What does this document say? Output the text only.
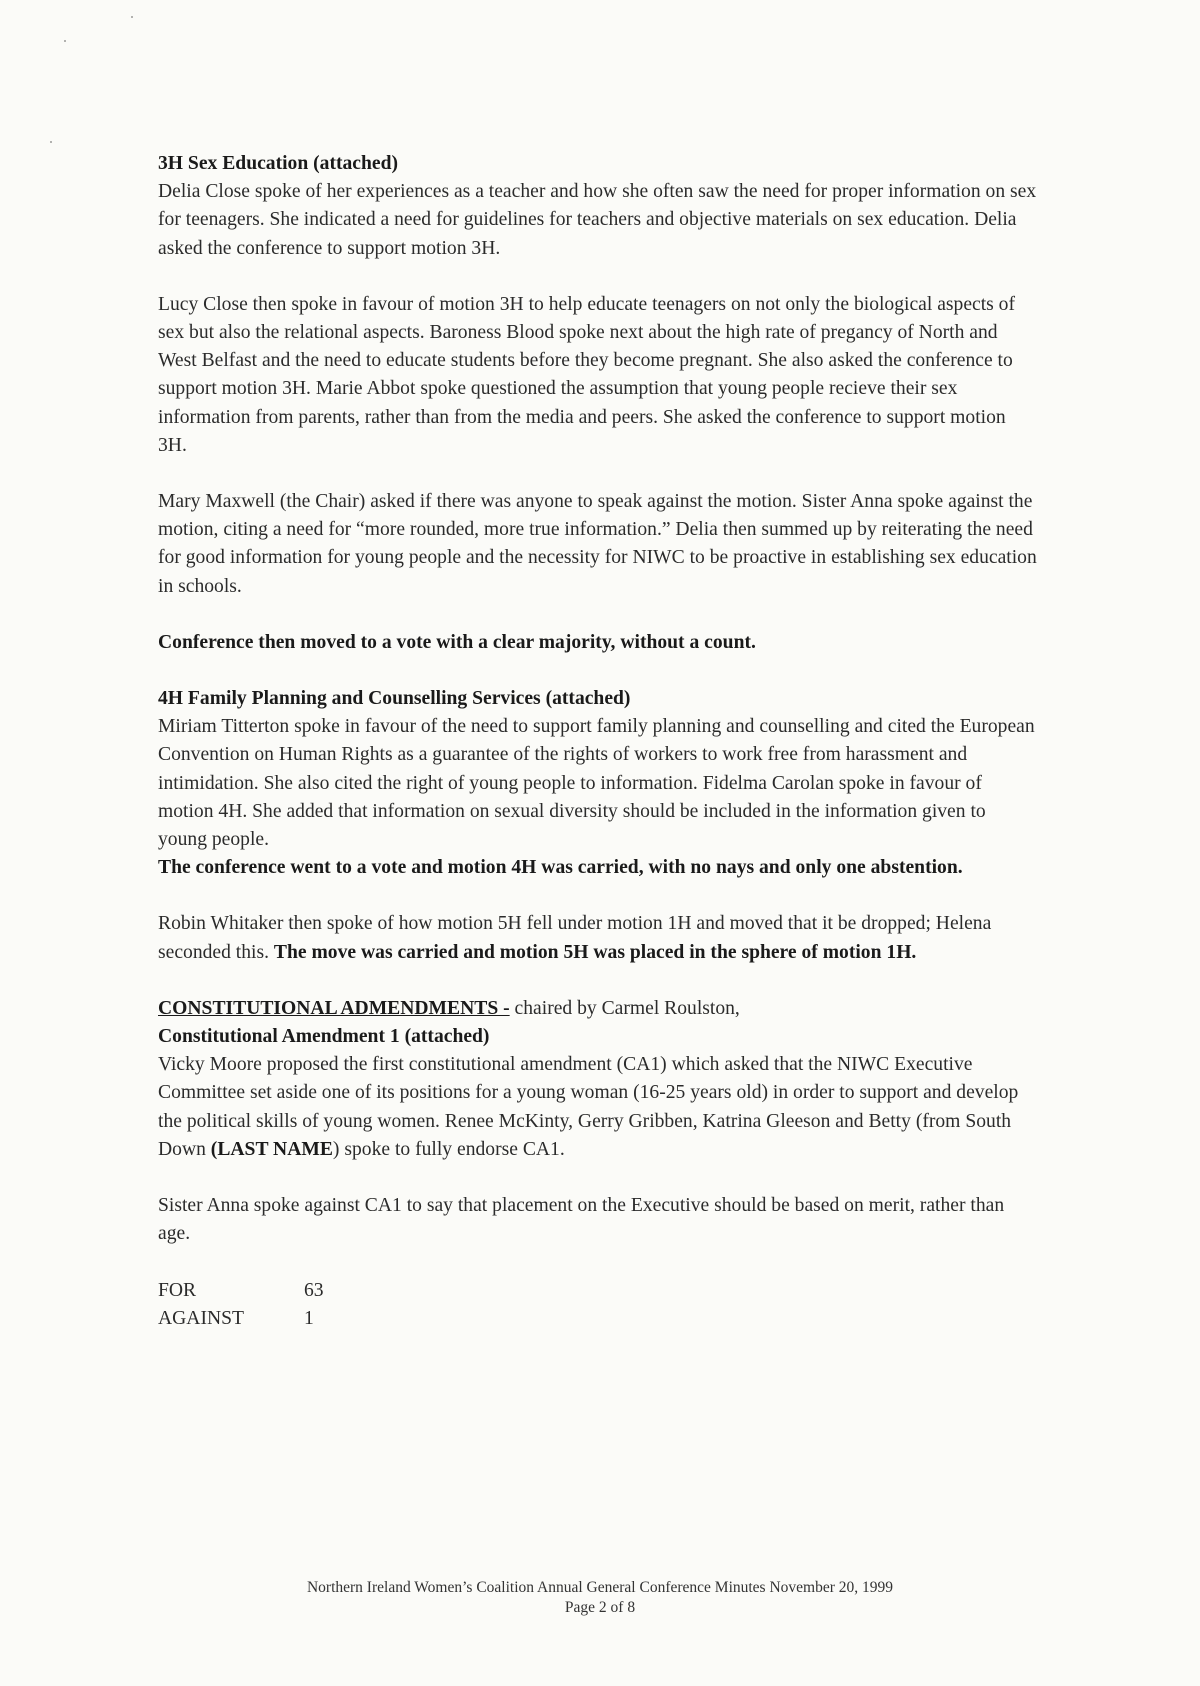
3H Sex Education (attached)

Delia Close spoke of her experiences as a teacher and how she often saw the need for proper information on sex for teenagers. She indicated a need for guidelines for teachers and objective materials on sex education. Delia asked the conference to support motion 3H.

Lucy Close then spoke in favour of motion 3H to help educate teenagers on not only the biological aspects of sex but also the relational aspects. Baroness Blood spoke next about the high rate of pregancy of North and West Belfast and the need to educate students before they become pregnant. She also asked the conference to support motion 3H. Marie Abbot spoke questioned the assumption that young people recieve their sex information from parents, rather than from the media and peers. She asked the conference to support motion 3H.

Mary Maxwell (the Chair) asked if there was anyone to speak against the motion. Sister Anna spoke against the motion, citing a need for “more rounded, more true information.” Delia then summed up by reiterating the need for good information for young people and the necessity for NIWC to be proactive in establishing sex education in schools.

Conference then moved to a vote with a clear majority, without a count.

4H Family Planning and Counselling Services (attached)

Miriam Titterton spoke in favour of the need to support family planning and counselling and cited the European Convention on Human Rights as a guarantee of the rights of workers to work free from harassment and intimidation. She also cited the right of young people to information. Fidelma Carolan spoke in favour of motion 4H. She added that information on sexual diversity should be included in the information given to young people.

The conference went to a vote and motion 4H was carried, with no nays and only one abstention.

Robin Whitaker then spoke of how motion 5H fell under motion 1H and moved that it be dropped; Helena seconded this. The move was carried and motion 5H was placed in the sphere of motion 1H.

CONSTITUTIONAL ADMENDMENTS - chaired by Carmel Roulston,

Constitutional Amendment 1 (attached)

Vicky Moore proposed the first constitutional amendment (CA1) which asked that the NIWC Executive Committee set aside one of its positions for a young woman (16-25 years old) in order to support and develop the political skills of young women. Renee McKinty, Gerry Gribben, Katrina Gleeson and Betty (from South Down (LAST NAME) spoke to fully endorse CA1.

Sister Anna spoke against CA1 to say that placement on the Executive should be based on merit, rather than age.

FOR	63
AGAINST	1
Northern Ireland Women’s Coalition Annual General Conference Minutes November 20, 1999
Page 2 of 8
